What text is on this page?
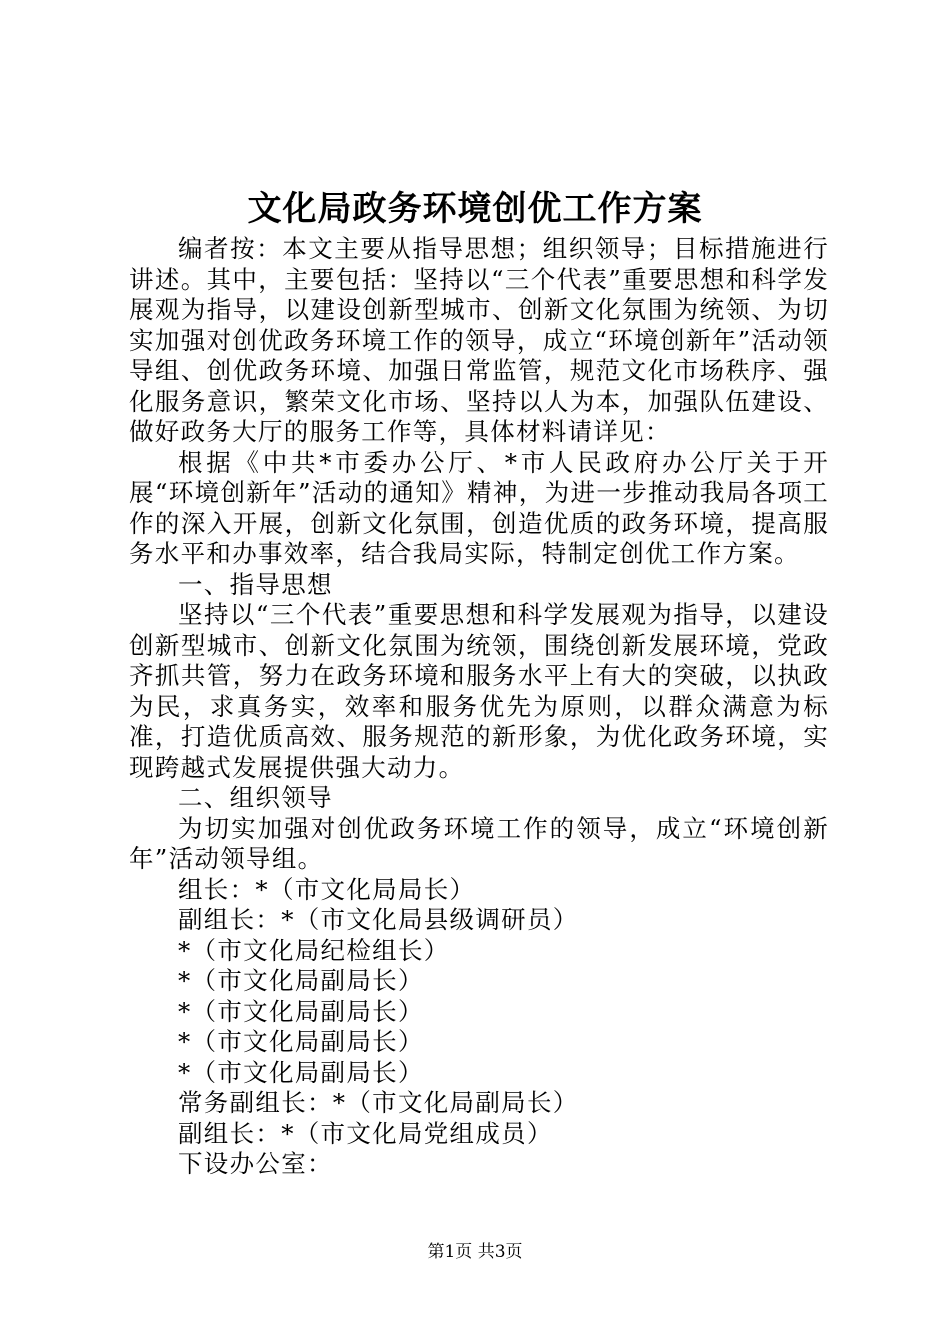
文化局政务环境创优工作方案

编者按：本文主要从指导思想；组织领导；目标措施进行讲述。其中，主要包括：坚持以“三个代表”重要思想和科学发展观为指导，以建设创新型城市、创新文化氛围为统领、为切实加强对创优政务环境工作的领导，成立“环境创新年”活动领导组、创优政务环境、加强日常监管，规范文化市场秩序、强化服务意识，繁荣文化市场、坚持以人为本，加强队伍建设、做好政务大厅的服务工作等，具体材料请详见：

根据《中共*市委办公厅、*市人民政府办公厅关于开展“环境创新年”活动的通知》精神，为进一步推动我局各项工作的深入开展，创新文化氛围，创造优质的政务环境，提高服务水平和办事效率，结合我局实际，特制定创优工作方案。

一、指导思想

坚持以“三个代表”重要思想和科学发展观为指导，以建设创新型城市、创新文化氛围为统领，围绕创新发展环境，党政齐抓共管，努力在政务环境和服务水平上有大的突破，以执政为民，求真务实，效率和服务优先为原则，以群众满意为标准，打造优质高效、服务规范的新形象，为优化政务环境，实现跨越式发展提供强大动力。

二、组织领导

为切实加强对创优政务环境工作的领导，成立“环境创新年”活动领导组。

组长：*（市文化局局长）

副组长：*（市文化局县级调研员）

*（市文化局纪检组长）

*（市文化局副局长）

*（市文化局副局长）

*（市文化局副局长）

*（市文化局副局长）

常务副组长：*（市文化局副局长）

副组长：*（市文化局党组成员）

下设办公室：

第1页 共3页
